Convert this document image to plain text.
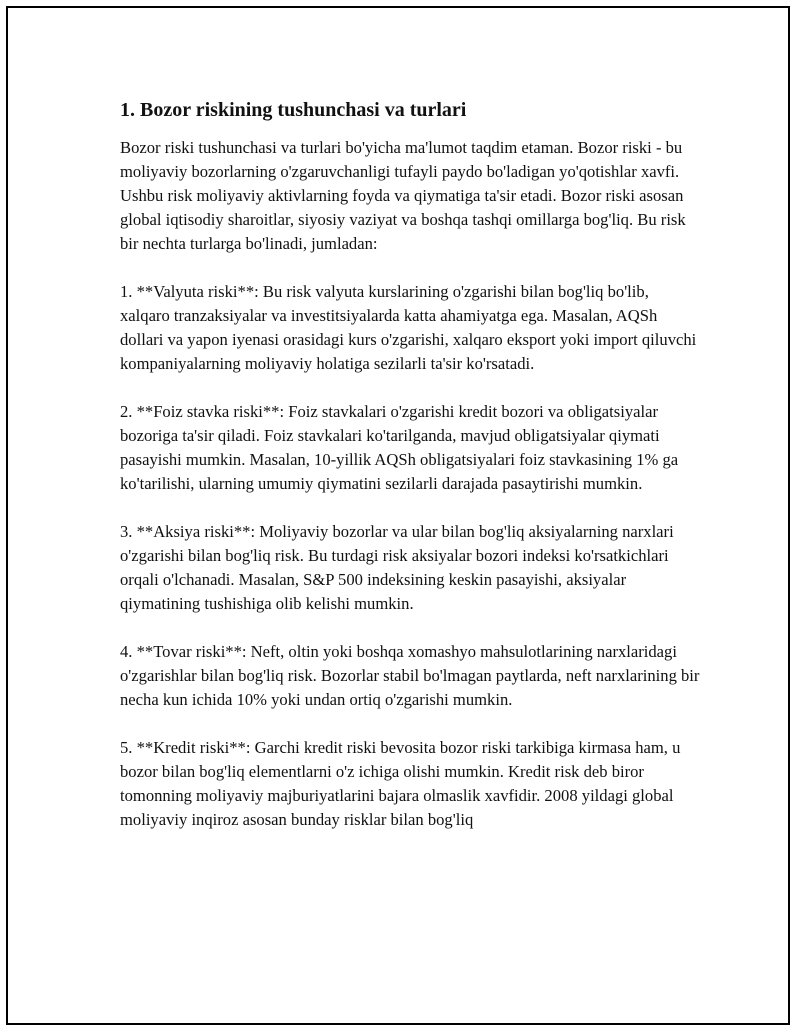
1. Bozor riskining tushunchasi va turlari

Bozor riski tushunchasi va turlari bo'yicha ma'lumot taqdim etaman. Bozor riski - bu moliyaviy bozorlarning o'zgaruvchanligi tufayli paydo bo'ladigan yo'qotishlar xavfi. Ushbu risk moliyaviy aktivlarning foyda va qiymatiga ta'sir etadi. Bozor riski asosan global iqtisodiy sharoitlar, siyosiy vaziyat va boshqa tashqi omillarga bog'liq. Bu risk bir nechta turlarga bo'linadi, jumladan:

1. **Valyuta riski**: Bu risk valyuta kurslarining o'zgarishi bilan bog'liq bo'lib, xalqaro tranzaksiyalar va investitsiyalarda katta ahamiyatga ega. Masalan, AQSh dollari va yapon iyenasi orasidagi kurs o'zgarishi, xalqaro eksport yoki import qiluvchi kompaniyalarning moliyaviy holatiga sezilarli ta'sir ko'rsatadi.

2. **Foiz stavka riski**: Foiz stavkalari o'zgarishi kredit bozori va obligatsiyalar bozoriga ta'sir qiladi. Foiz stavkalari ko'tarilganda, mavjud obligatsiyalar qiymati pasayishi mumkin. Masalan, 10-yillik AQSh obligatsiyalari foiz stavkasining 1% ga ko'tarilishi, ularning umumiy qiymatini sezilarli darajada pasaytirishi mumkin.

3. **Aksiya riski**: Moliyaviy bozorlar va ular bilan bog'liq aksiyalarning narxlari o'zgarishi bilan bog'liq risk. Bu turdagi risk aksiyalar bozori indeksi ko'rsatkichlari orqali o'lchanadi. Masalan, S&P 500 indeksining keskin pasayishi, aksiyalar qiymatining tushishiga olib kelishi mumkin.

4. **Tovar riski**: Neft, oltin yoki boshqa xomashyo mahsulotlarining narxlaridagi o'zgarishlar bilan bog'liq risk. Bozorlar stabil bo'lmagan paytlarda, neft narxlarining bir necha kun ichida 10% yoki undan ortiq o'zgarishi mumkin.

5. **Kredit riski**: Garchi kredit riski bevosita bozor riski tarkibiga kirmasa ham, u bozor bilan bog'liq elementlarni o'z ichiga olishi mumkin. Kredit risk deb biror tomonning moliyaviy majburiyatlarini bajara olmaslik xavfidir. 2008 yildagi global moliyaviy inqiroz asosan bunday risklar bilan bog'liq
